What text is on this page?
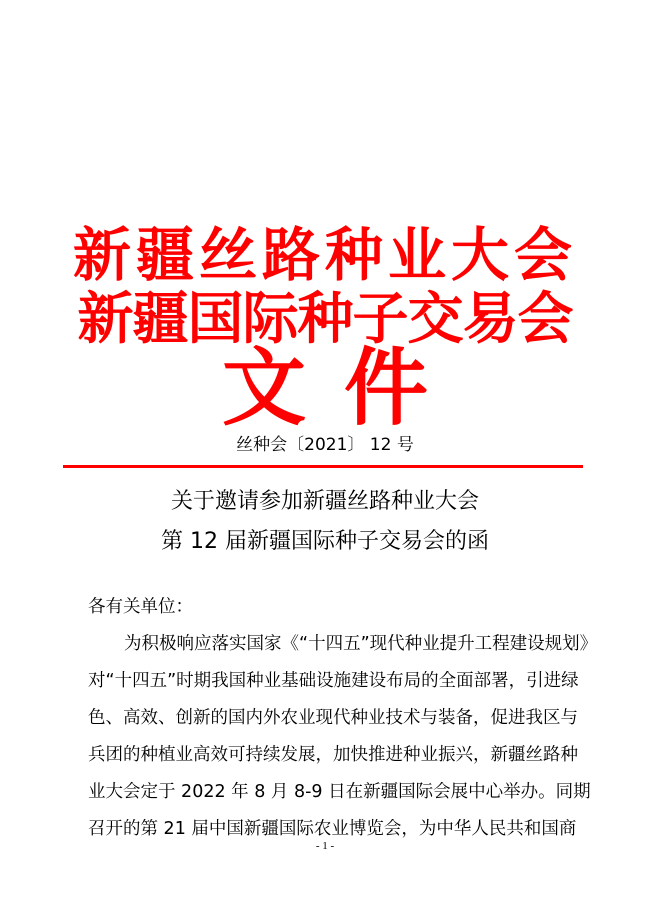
新疆丝路种业大会
新疆国际种子交易会
文件
丝种会〔2021〕 12 号
关于邀请参加新疆丝路种业大会
第 12 届新疆国际种子交易会的函
各有关单位：
为积极响应落实国家《“十四五”现代种业提升工程建设规划》
对“十四五”时期我国种业基础设施建设布局的全面部署，引进绿
色、高效、创新的国内外农业现代种业技术与装备，促进我区与
兵团的种植业高效可持续发展，加快推进种业振兴，新疆丝路种
业大会定于 2022 年 8 月 8-9 日在新疆国际会展中心举办。同期
召开的第 21 届中国新疆国际农业博览会，为中华人民共和国商
- 1 -
